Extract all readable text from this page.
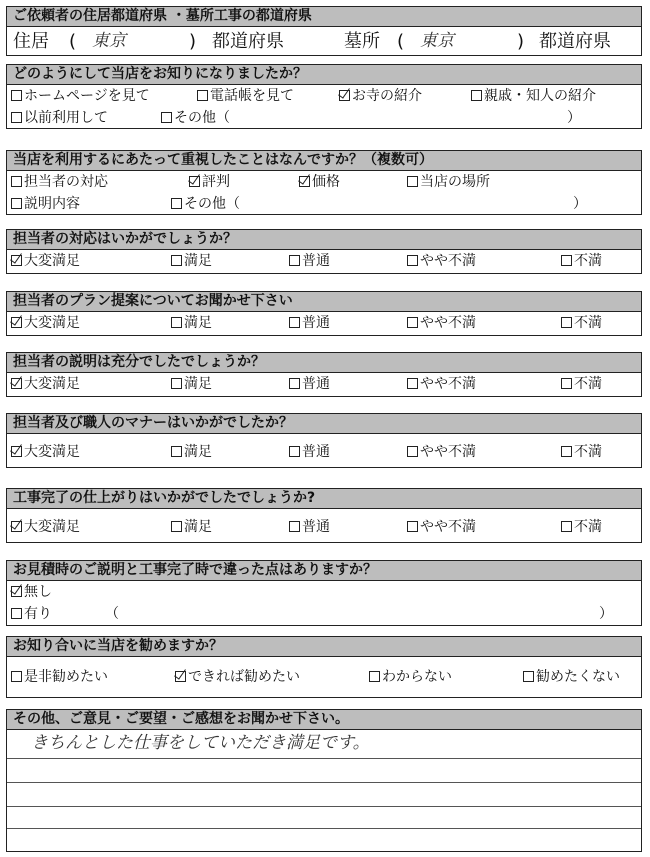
ご依頼者の住居都道府県 ・墓所工事の都道府県
住居 ( 東京	) 都道府県	墓所 ( 東京	) 都道府県
どのようにして当店をお知りになりましたか？
ホームページを見て	電話帳を見て	お寺の紹介	親戚・知人の紹介
以前利用して	その他（	）
当店を利用するにあたって重視したことはなんですか？（複数可）
担当者の対応	評判	価格	当店の場所
説明内容	その他（	）
担当者の対応はいかがでしょうか？
大変満足	満足	普通	やや不満	不満
担当者のプラン提案についてお聞かせ下さい
大変満足	満足	普通	やや不満	不満
担当者の説明は充分でしたでしょうか？
大変満足	満足	普通	やや不満	不満
担当者及び職人のマナーはいかがでしたか？
大変満足	満足	普通	やや不満	不満
工事完了の仕上がりはいかがでしたでしょうか?
大変満足	満足	普通	やや不満	不満
お見積時のご説明と工事完了時で違った点はありますか？
無し
有り	（	）
お知り合いに当店を勧めますか？
是非勧めたい	できれば勧めたい	わからない	勧めたくない
その他、ご意見・ご要望・ご感想をお聞かせ下さい。
きちんとした仕事をしていただき満足です。
